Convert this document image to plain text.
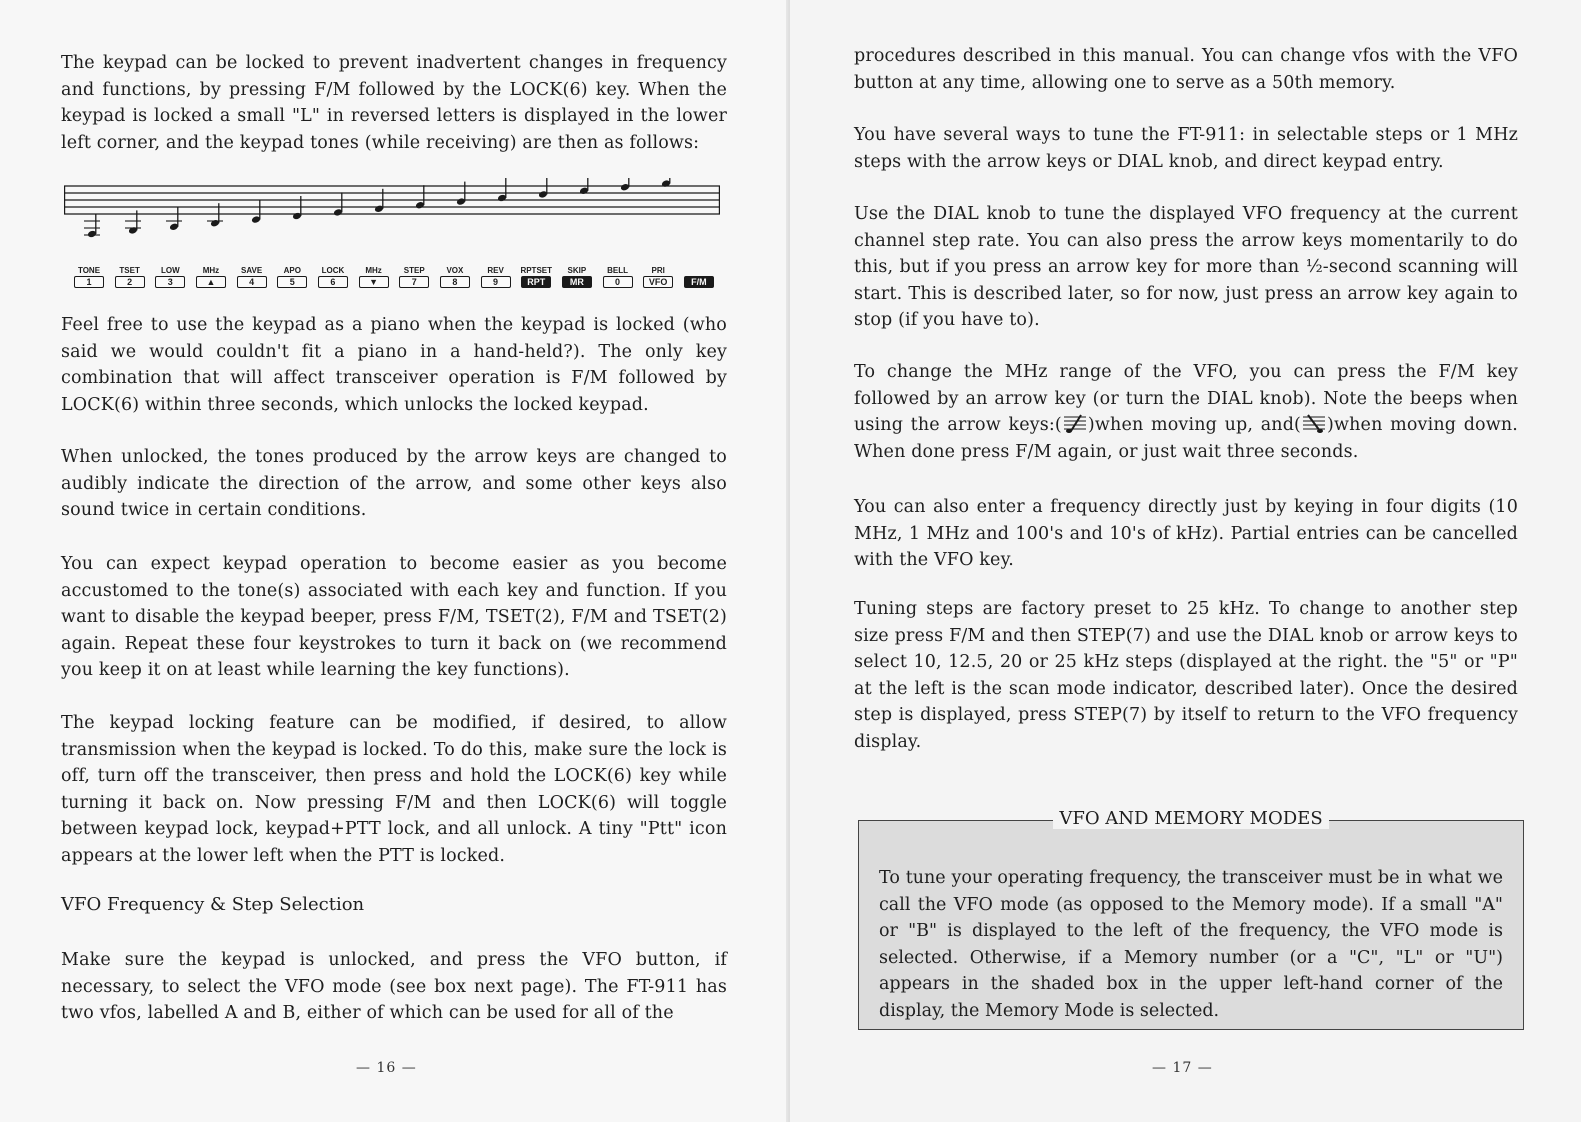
The keypad can be locked to prevent inadvertent changes in frequency and functions, by pressing F/M followed by the LOCK(6) key. When the keypad is locked a small "L" in reversed letters is displayed in the lower left corner, and the keypad tones (while receiving) are then as follows:

TONE
1
TSET
2
LOW
3
MHz
▲
SAVE
4
APO
5
LOCK
6
MHz
▼
STEP
7
VOX
8
REV
9
RPTSET
RPT
SKIP
MR
BELL
0
PRI
VFO
	F/M

Feel free to use the keypad as a piano when the keypad is locked (who said we would couldn't fit a piano in a hand-held?). The only key combination that will affect transceiver operation is F/M followed by LOCK(6) within three seconds, which unlocks the locked keypad.

When unlocked, the tones produced by the arrow keys are changed to audibly indicate the direction of the arrow, and some other keys also sound twice in certain conditions.

You can expect keypad operation to become easier as you become accustomed to the tone(s) associated with each key and function. If you want to disable the keypad beeper, press F/M, TSET(2), F/M and TSET(2) again. Repeat these four keystrokes to turn it back on (we recommend you keep it on at least while learning the key functions).

The keypad locking feature can be modified, if desired, to allow transmission when the keypad is locked. To do this, make sure the lock is off, turn off the transceiver, then press and hold the LOCK(6) key while turning it back on. Now pressing F/M and then LOCK(6) will toggle between keypad lock, keypad+PTT lock, and all unlock. A tiny "Ptt" icon appears at the lower left when the PTT is locked.

VFO Frequency & Step Selection

Make sure the keypad is unlocked, and press the VFO button, if necessary, to select the VFO mode (see box next page). The FT-911 has two vfos, labelled A and B, either of which can be used for all of the

— 16 —

procedures described in this manual. You can change vfos with the VFO button at any time, allowing one to serve as a 50th memory.

You have several ways to tune the FT-911: in selectable steps or 1 MHz steps with the arrow keys or DIAL knob, and direct keypad entry.

Use the DIAL knob to tune the displayed VFO frequency at the current channel step rate. You can also press the arrow keys momentarily to do this, but if you press an arrow key for more than ½-second scanning will start. This is described later, so for now, just press an arrow key again to stop (if you have to).

To change the MHz range of the VFO, you can press the F/M key followed by an arrow key (or turn the DIAL knob). Note the beeps when using the arrow keys:( )when moving up, and( )when moving down. When done press F/M again, or just wait three seconds.

You can also enter a frequency directly just by keying in four digits (10 MHz, 1 MHz and 100's and 10's of kHz). Partial entries can be cancelled with the VFO key.

Tuning steps are factory preset to 25 kHz. To change to another step size press F/M and then STEP(7) and use the DIAL knob or arrow keys to select 10, 12.5, 20 or 25 kHz steps (displayed at the right. the "5" or "P" at the left is the scan mode indicator, described later). Once the desired step is displayed, press STEP(7) by itself to return to the VFO frequency display.

VFO AND MEMORY MODES
To tune your operating frequency, the transceiver must be in what we call the VFO mode (as opposed to the Memory mode). If a small "A" or "B" is displayed to the left of the frequency, the VFO mode is selected. Otherwise, if a Memory number (or a "C", "L" or "U") appears in the shaded box in the upper left-hand corner of the display, the Memory Mode is selected.
— 17 —
